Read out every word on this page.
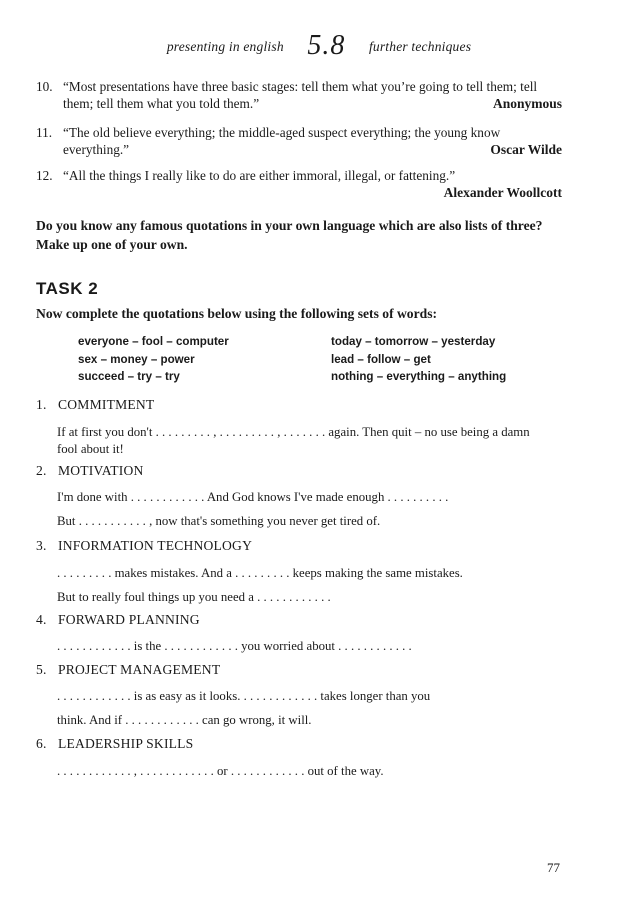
presenting in english 5.8 further techniques
10. “Most presentations have three basic stages: tell them what you’re going to tell them; tell them; tell them what you told them.”	Anonymous
11. “The old believe everything; the middle-aged suspect everything; the young know everything.”	Oscar Wilde
12. “All the things I really like to do are either immoral, illegal, or fattening.”
Alexander Woollcott
Do you know any famous quotations in your own language which are also lists of three? Make up one of your own.
TASK 2
Now complete the quotations below using the following sets of words:
everyone – fool – computer
sex – money – power
succeed – try – try
today – tomorrow – yesterday
lead – follow – get
nothing – everything – anything
1. COMMITMENT
If at first you don't . . . . . . . . . , . . . . . . . . . , . . . . . . . again. Then quit – no use being a damn fool about it!
2. MOTIVATION
I'm done with . . . . . . . . . . . . And God knows I've made enough . . . . . . . . . .
But . . . . . . . . . . . , now that's something you never get tired of.
3. INFORMATION TECHNOLOGY
. . . . . . . . . makes mistakes. And a . . . . . . . . . keeps making the same mistakes.
But to really foul things up you need a . . . . . . . . . . . .
4. FORWARD PLANNING
. . . . . . . . . . . . is the . . . . . . . . . . . . you worried about . . . . . . . . . . . .
5. PROJECT MANAGEMENT
. . . . . . . . . . . . is as easy as it looks. . . . . . . . . . . . . takes longer than you
think. And if . . . . . . . . . . . . can go wrong, it will.
6. LEADERSHIP SKILLS
. . . . . . . . . . . . , . . . . . . . . . . . . or . . . . . . . . . . . . out of the way.
77
